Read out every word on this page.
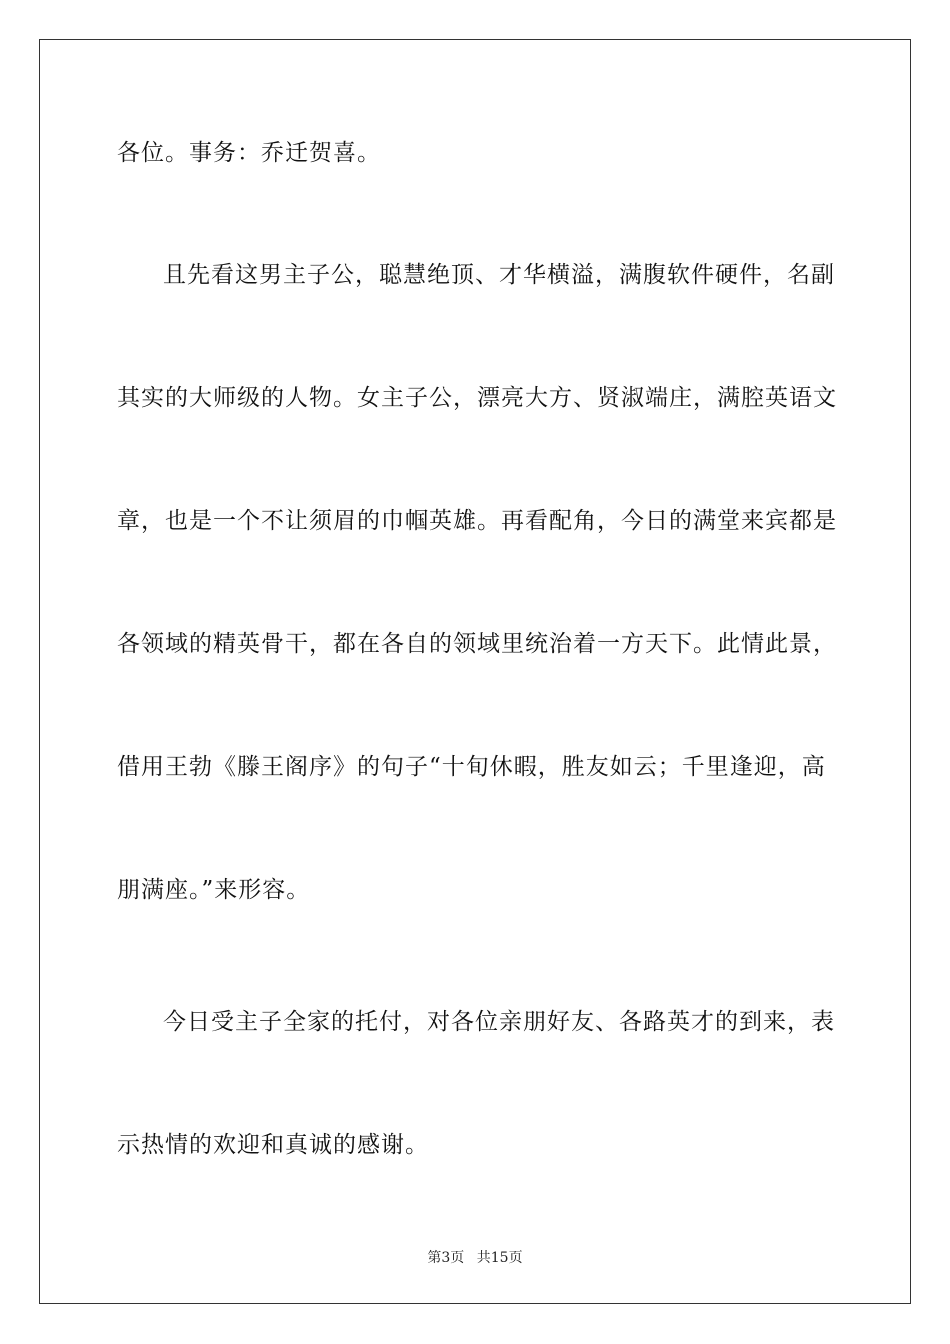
各位。事务：乔迁贺喜。
且先看这男主子公，聪慧绝顶、才华横溢，满腹软件硬件，名副
其实的大师级的人物。女主子公，漂亮大方、贤淑端庄，满腔英语文
章，也是一个不让须眉的巾帼英雄。再看配角，今日的满堂来宾都是
各领域的精英骨干，都在各自的领域里统治着一方天下。此情此景，
借用王勃《滕王阁序》的句子“十旬休暇，胜友如云；千里逢迎，高
朋满座。”来形容。
今日受主子全家的托付，对各位亲朋好友、各路英才的到来，表
示热情的欢迎和真诚的感谢。
第3页 共15页
